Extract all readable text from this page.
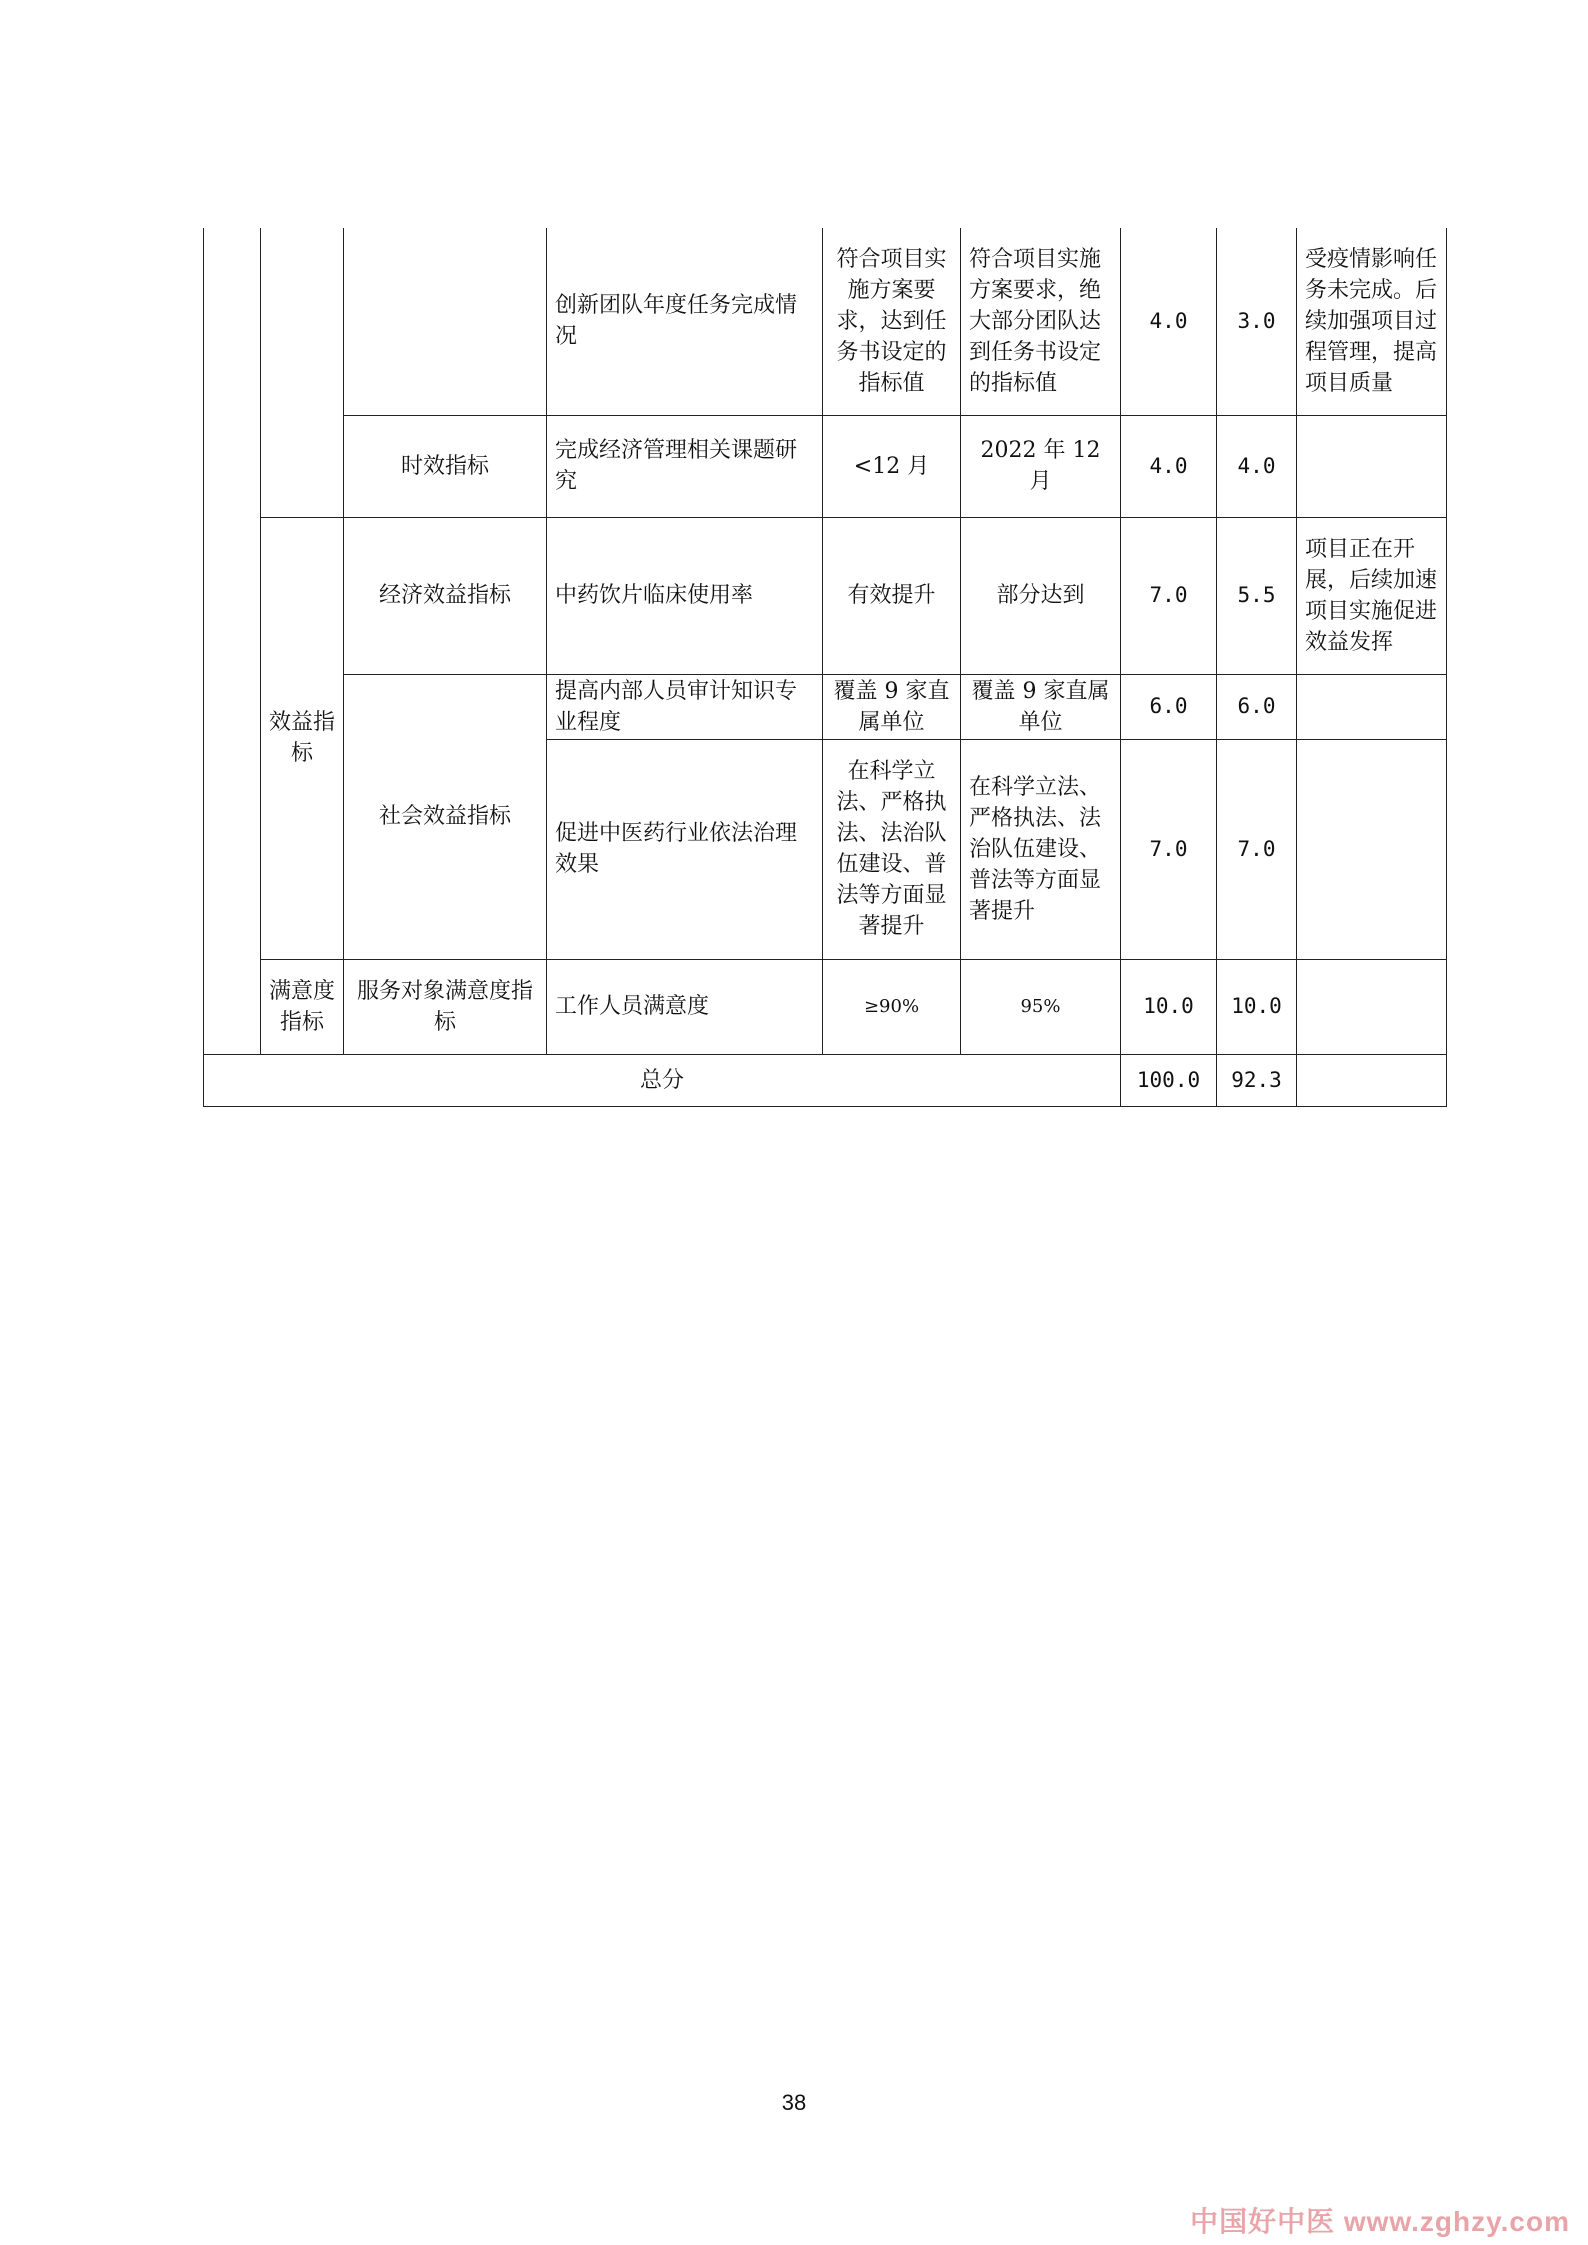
			创新团队年度任务完成情况	符合项目实施方案要求，达到任务书设定的指标值	符合项目实施方案要求，绝大部分团队达到任务书设定的指标值	4.0	3.0	受疫情影响任务未完成。后续加强项目过程管理，提高项目质量
		时效指标	完成经济管理相关课题研究	<12 月	2022 年 12 月	4.0	4.0	
	效益指标	经济效益指标	中药饮片临床使用率	有效提升	部分达到	7.0	5.5	项目正在开展，后续加速项目实施促进效益发挥
		社会效益指标	提高内部人员审计知识专业程度	覆盖 9 家直属单位	覆盖 9 家直属单位	6.0	6.0	
			促进中医药行业依法治理效果	在科学立法、严格执法、法治队伍建设、普法等方面显著提升	在科学立法、严格执法、法治队伍建设、普法等方面显著提升	7.0	7.0	
	满意度指标	服务对象满意度指标	工作人员满意度	≥90%	95%	10.0	10.0	
总分						100.0	92.3	
38
中国好中医 www.zghzy.com
